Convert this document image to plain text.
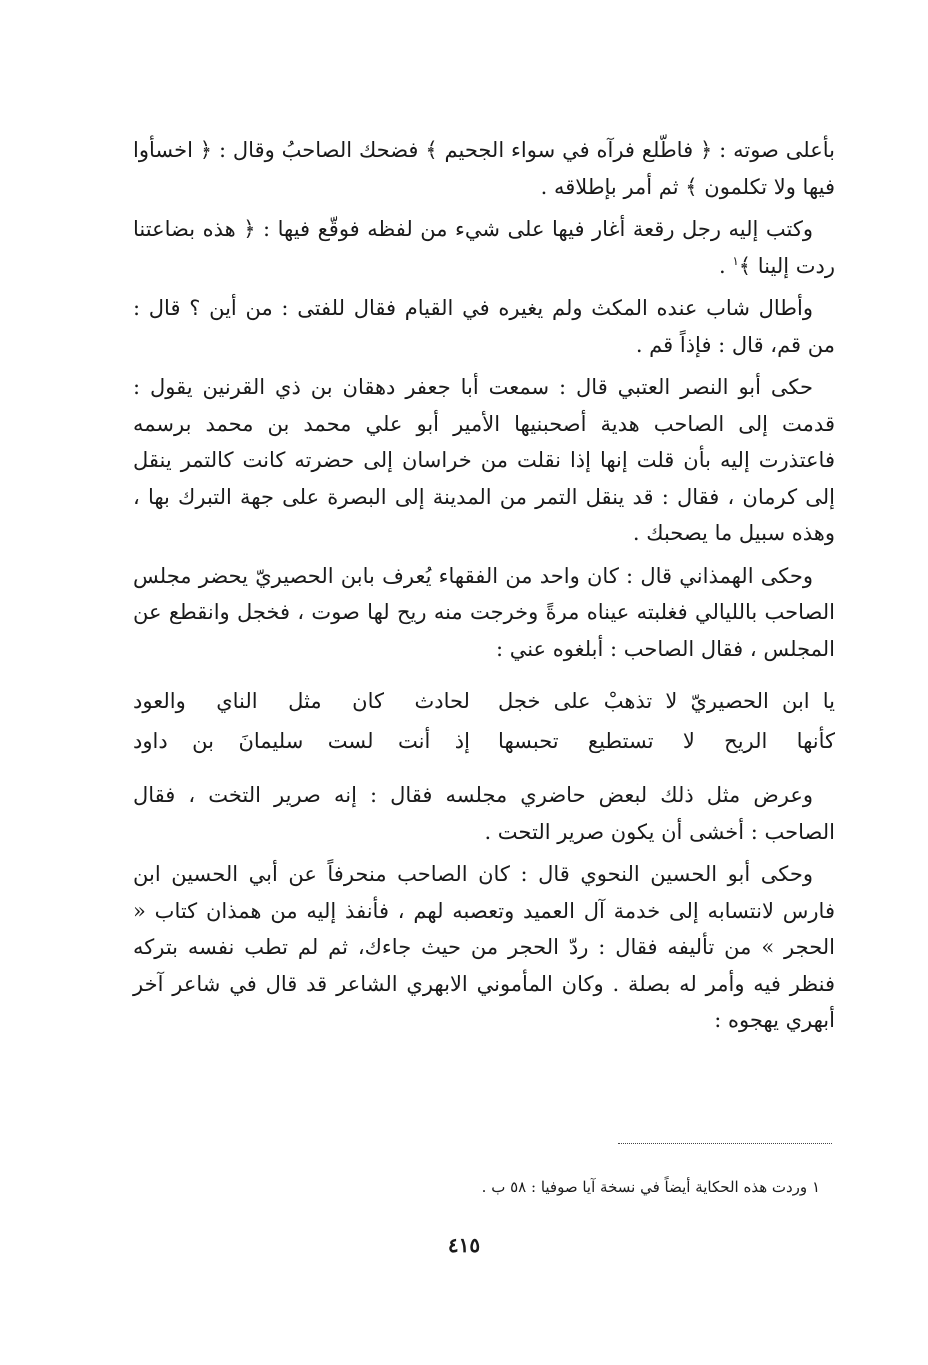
بأعلى صوته : ﴿ فاطّلع فرآه في سواء الجحيم ﴾ فضحك الصاحبُ وقال : ﴿ اخسأوا فيها ولا تكلمون ﴾ ثم أمر بإطلاقه .

وكتب إليه رجل رقعة أغار فيها على شيء من لفظه فوقّع فيها : ﴿ هذه بضاعتنا ردت إلينا ﴾$^١$ .

وأطال شاب عنده المكث ولم يغيره في القيام فقال للفتى : من أين ؟ قال : من قم، قال : فإذاً قم .

حكى أبو النصر العتبي قال : سمعت أبا جعفر دهقان بن ذي القرنين يقول : قدمت إلى الصاحب هدية أصحبنيها الأمير أبو علي محمد بن محمد برسمه فاعتذرت إليه بأن قلت إنها إذا نقلت من خراسان إلى حضرته كانت كالتمر ينقل إلى كرمان ، فقال : قد ينقل التمر من المدينة إلى البصرة على جهة التبرك بها ، وهذه سبيل ما يصحبك .

وحكى الهمذاني قال : كان واحد من الفقهاء يُعرف بابن الحصيريّ يحضر مجلس الصاحب بالليالي فغلبته عيناه مرةً وخرجت منه ريح لها صوت ، فخجل وانقطع عن المجلس ، فقال الصاحب : أبلغوه عني :

يا ابن الحصيريّ لا تذهبْ على خجل
لحادث كان مثل الناي والعود
كأنها الريح لا تستطيع تحبسها
إذ أنت لست سليمانَ بن داود

وعرض مثل ذلك لبعض حاضري مجلسه فقال : إنه صرير التخت ، فقال الصاحب : أخشى أن يكون صرير التحت .

وحكى أبو الحسين النحوي قال : كان الصاحب منحرفاً عن أبي الحسين ابن فارس لانتسابه إلى خدمة آل العميد وتعصبه لهم ، فأنفذ إليه من همذان كتاب « الحجر » من تأليفه فقال : ردّ الحجر من حيث جاءك، ثم لم تطب نفسه بتركه فنظر فيه وأمر له بصلة . وكان المأموني الابهري الشاعر قد قال في شاعر آخر أبهري يهجوه :

١ وردت هذه الحكاية أيضاً في نسخة آيا صوفيا : ٥٨ ب .
٤١٥
